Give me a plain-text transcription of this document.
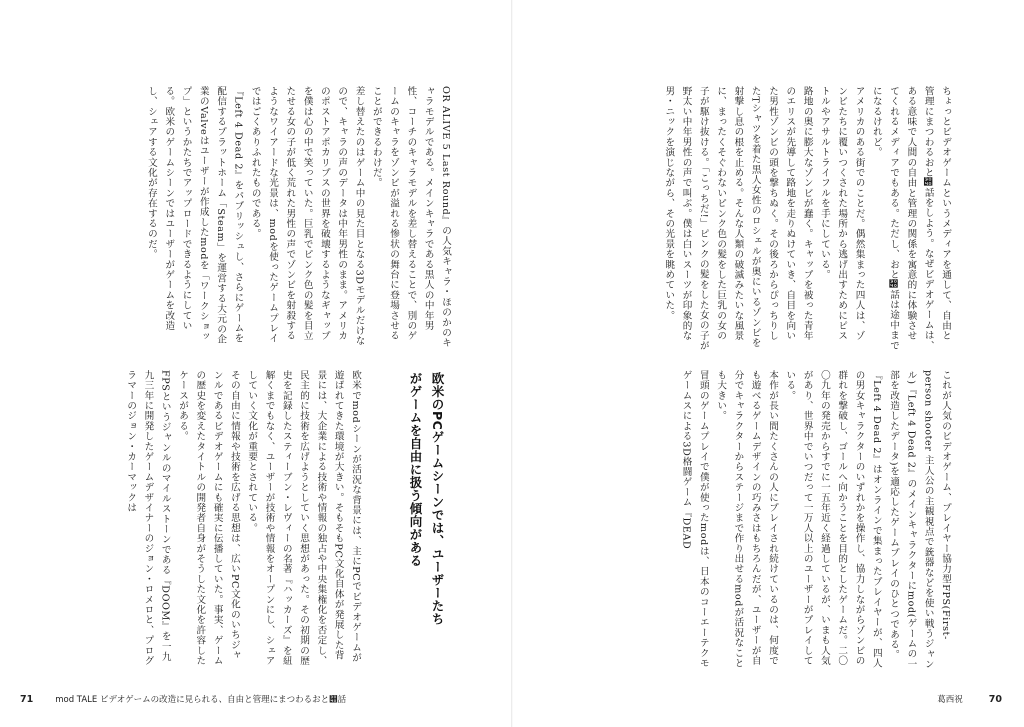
ちょっとビデオゲームというメディアを通して、自由と管理にまつわるおと぀話をしよう。なぜビデオゲームは、ある意味で人間の自由と管理の関係を寓意的に体験させてくれるメディアでもある。ただし、おと぀話は途中までになるけれど。

アメリカのある街でのことだ。偶然集まった四人は、ゾンビたちに覆いつくされた場所から逃げ出すためにピストルやアサルトライフルを手にしている。

路地の奥に膨大なゾンビが蠢く。キャップを被った青年のエリスが先導して路地を走りぬけていき、自目を向いた男性ゾンビの頭を撃ちぬく。その後ろからぴっちりしたTシャツを着た黒人女性のロシェルが奥にいるゾンビを射撃し息の根を止める。そんな人類の破滅みたいな風景に、まったくそぐわないピンク色の髪をした巨乳の女の子が駆け抜ける。「こっちだ!」ピンクの髪をした女の子が野太い中年男性の声で叫ぶ。僕は白いスーツが印象的な男・ニックを演じながら、その光景を眺めていた。

これが人気のビデオゲーム、プレイヤー協力型FPS(First-person shooter 主人公の主観視点で銃器などを使い戦うジャンル)『Left 4 Dead 2』のメインキャラクターにmod(ゲームの一部を改造したデータ)を適応したゲームプレイのひとつである。

『Left 4 Dead 2』はオンラインで集まったプレイヤーが、四人の男女キャラクターのいずれかを操作し、協力しながらゾンビの群れを撃破し、ゴールへ向かうことを目的としたゲームだ。二〇〇九年の発売からすでに一五年近く経過しているが、いまも人気があり、世界中でいつだって一万人以上のユーザーがプレイしている。

本作が長い間たくさんの人にプレイされ続けているのは、何度でも遊べるゲームデザインの巧みさはもちろんだが、ユーザーが自分でキャラクターからステージまで作り出せるmodが活況なことも大きい。

冒頭のゲームプレイで僕が使ったmodは、日本のコーエーテクモゲームスによる3D格闘ゲーム『DEAD

OR ALIVE 5 Last Round』の人気キャラ・ほのかのキャラモデルである。メインキャラである黒人の中年男性、コーチのキャラモデルを差し替えることで、別のゲームのキャラをゾンビが溢れる惨状の舞台に登場させることができるわけだ。

差し替えたのはゲーム中の見た目となる3Dモデルだけなので、キャラの声のデータは中年男性のまま。アメリカのポストアポカリプスの世界を破壊するようなギャップを僕は心の中で笑っていた。巨乳でピンク色の髪を目立たせる女の子が低く荒れた男性の声でゾンビを射殺するようなワイアードな光景は、modを使ったゲームプレイではごくありふれたものである。

『Left 4 Dead 2』をパブリッシュし、さらにゲームを配信するプラットホーム「Steam」を運営する大元の企業のValveはユーザーが作成したmodを「ワークショップ」というかたちでアップロードできるようにしている。欧米のゲームシーンではユーザーがゲームを改造し、シェアする文化が存在するのだ。

欧米のPCゲームシーンでは、ユーザーたちがゲームを自由に扱う傾向がある

欧米でmodシーンが活況な背景には、主にPCでビデオゲームが遊ばれてきた環境が大きい。そもそもPC文化自体が発展した背景には、大企業による技術や情報の独占や中央集権化を否定し、民主的に技術を広げようとしていく思想があった。その初期の歴史を記録したスティーブン・レヴィーの名著『ハッカーズ』を紐解くまでもなく、ユーザーが技術や情報をオープンにし、シェアしていく文化が重要とされている。

その自由に情報や技術を広げる思想は、広いPC文化のいちジャンルであるビデオゲームにも確実に伝播していた。事実、ゲームの歴史を変えたタイトルの開発者自身がそうした文化を許容したケースがある。

FPSというジャンルのマイルストーンである『DOOM』を一九九三年に開発したゲームデザイナーのジョン・ロメロと、プログラマーのジョン・カーマックは

71	mod TALE ビデオゲームの改造に見られる、自由と管理にまつわるおと぀話	葛西祝	70
